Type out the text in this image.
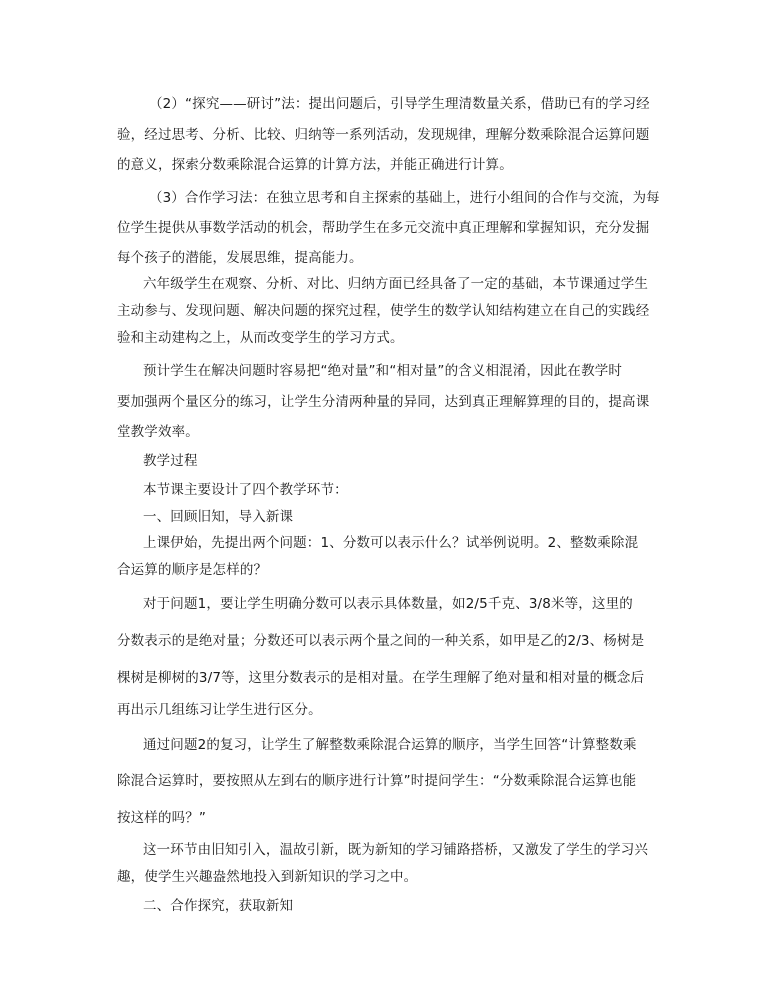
（2）“探究——研讨”法：提出问题后，引导学生理清数量关系，借助已有的学习经

验，经过思考、分析、比较、归纳等一系列活动，发现规律，理解分数乘除混合运算问题

的意义，探索分数乘除混合运算的计算方法，并能正确进行计算。

（3）合作学习法：在独立思考和自主探索的基础上，进行小组间的合作与交流，为每

位学生提供从事数学活动的机会，帮助学生在多元交流中真正理解和掌握知识，充分发掘

每个孩子的潜能，发展思维，提高能力。

六年级学生在观察、分析、对比、归纳方面已经具备了一定的基础，本节课通过学生

主动参与、发现问题、解决问题的探究过程，使学生的数学认知结构建立在自己的实践经

验和主动建构之上，从而改变学生的学习方式。

预计学生在解决问题时容易把“绝对量”和“相对量”的含义相混淆，因此在教学时

要加强两个量区分的练习，让学生分清两种量的异同，达到真正理解算理的目的，提高课

堂教学效率。

教学过程

本节课主要设计了四个教学环节：

一、回顾旧知，导入新课

上课伊始，先提出两个问题：1、分数可以表示什么？试举例说明。2、整数乘除混

合运算的顺序是怎样的？

对于问题1，要让学生明确分数可以表示具体数量，如2/5千克、3/8米等，这里的

分数表示的是绝对量；分数还可以表示两个量之间的一种关系，如甲是乙的2/3、杨树是

棵树是柳树的3/7等，这里分数表示的是相对量。在学生理解了绝对量和相对量的概念后

再出示几组练习让学生进行区分。

通过问题2的复习，让学生了解整数乘除混合运算的顺序，当学生回答“计算整数乘

除混合运算时，要按照从左到右的顺序进行计算”时提问学生：“分数乘除混合运算也能

按这样的吗？”

这一环节由旧知引入，温故引新，既为新知的学习铺路搭桥，又激发了学生的学习兴

趣，使学生兴趣盎然地投入到新知识的学习之中。

二、合作探究，获取新知
